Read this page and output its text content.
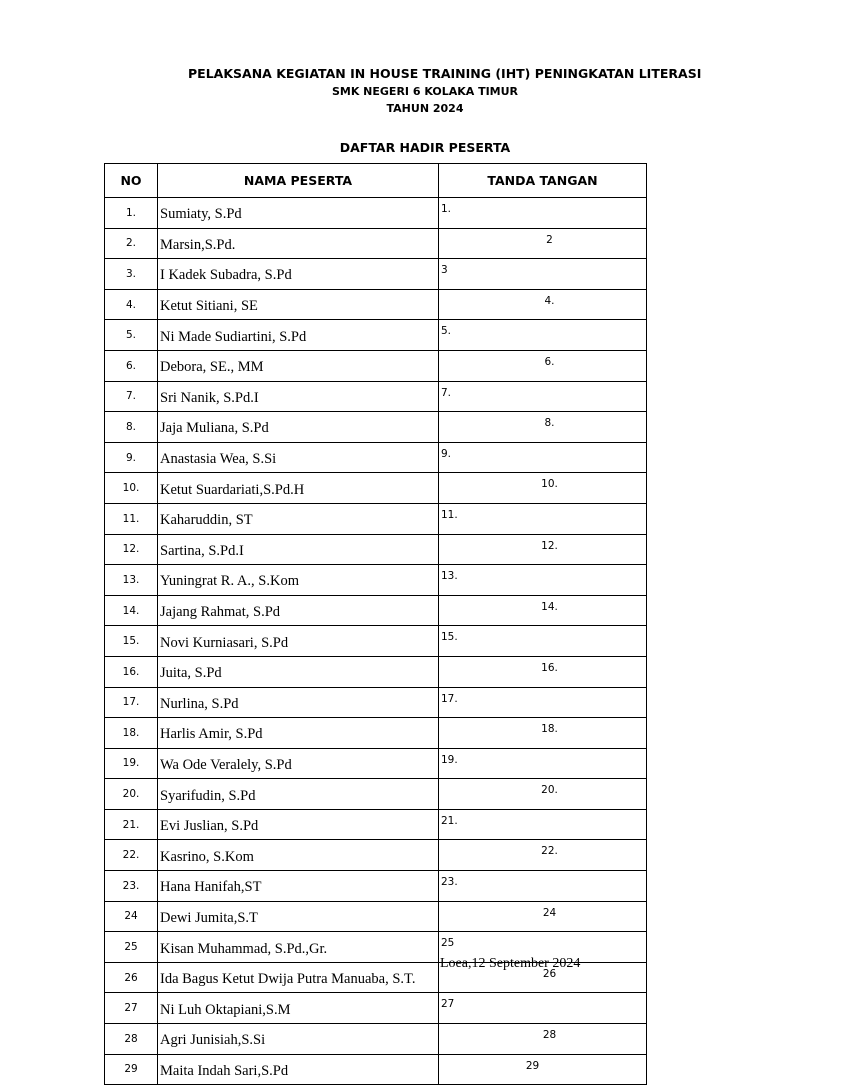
PELAKSANA KEGIATAN IN HOUSE TRAINING (IHT) PENINGKATAN LITERASI
SMK NEGERI 6 KOLAKA TIMUR
TAHUN 2024
DAFTAR HADIR PESERTA
NO	NAMA PESERTA	TANDA TANGAN
1.	Sumiaty, S.Pd	1.
2.	Marsin,S.Pd.	2
3.	I Kadek Subadra, S.Pd	3
4.	Ketut Sitiani, SE	4.
5.	Ni Made Sudiartini, S.Pd	5.
6.	Debora, SE., MM	6.
7.	Sri Nanik, S.Pd.I	7.
8.	Jaja Muliana, S.Pd	8.
9.	Anastasia Wea, S.Si	9.
10.	Ketut Suardariati,S.Pd.H	10.
11.	Kaharuddin, ST	11.
12.	Sartina, S.Pd.I	12.
13.	Yuningrat R. A., S.Kom	13.
14.	Jajang Rahmat, S.Pd	14.
15.	Novi Kurniasari, S.Pd	15.
16.	Juita, S.Pd	16.
17.	Nurlina, S.Pd	17.
18.	Harlis Amir, S.Pd	18.
19.	Wa Ode Veralely, S.Pd	19.
20.	Syarifudin, S.Pd	20.
21.	Evi Juslian, S.Pd	21.
22.	Kasrino, S.Kom	22.
23.	Hana Hanifah,ST	23.
24	Dewi Jumita,S.T	24
25	Kisan Muhammad, S.Pd.,Gr.	25
26	Ida Bagus Ketut Dwija Putra Manuaba, S.T.	26
27	Ni Luh Oktapiani,S.M	27
28	Agri Junisiah,S.Si	28
29	Maita Indah Sari,S.Pd	29
Loea,12 September 2024
